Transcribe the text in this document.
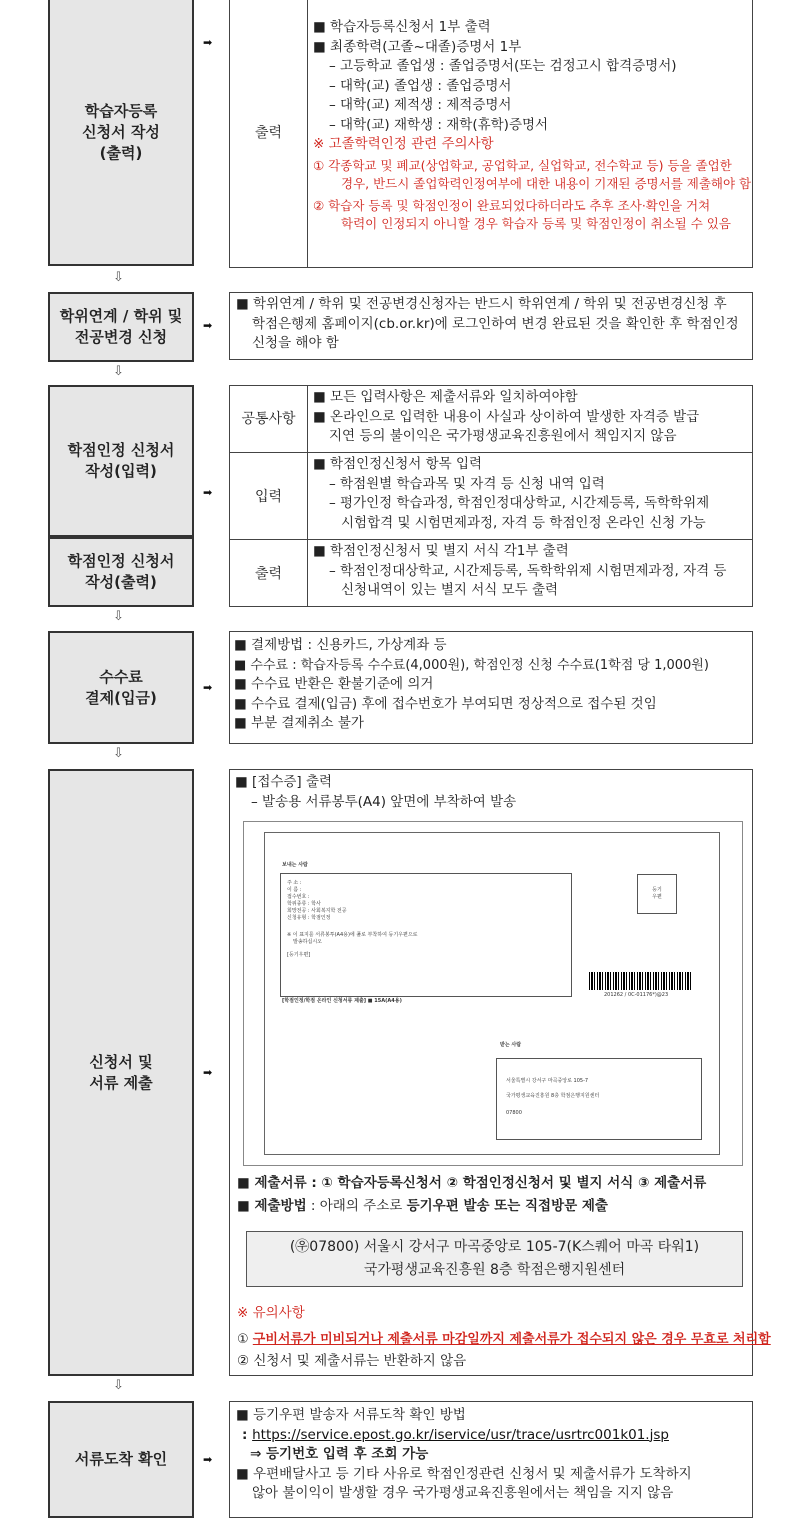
학습자등록
신청서 작성
(출력)
➡
출력
■ 학습자등록신청서 1부 출력
■ 최종학력(고졸~대졸)증명서 1부
– 고등학교 졸업생 : 졸업증명서(또는 검정고시 합격증명서)
– 대학(교) 졸업생 : 졸업증명서
– 대학(교) 제적생 : 제적증명서
– 대학(교) 재학생 : 재학(휴학)증명서
※ 고졸학력인정 관련 주의사항
① 각종학교 및 폐교(상업학교, 공업학교, 실업학교, 전수학교 등) 등을 졸업한
경우, 반드시 졸업학력인정여부에 대한 내용이 기재된 증명서를 제출해야 함
② 학습자 등록 및 학점인정이 완료되었다하더라도 추후 조사·확인을 거쳐
학력이 인정되지 아니할 경우 학습자 등록 및 학점인정이 취소될 수 있음
⇩
학위연계 / 학위 및
전공변경 신청
➡
■ 학위연계 / 학위 및 전공변경신청자는 반드시 학위연계 / 학위 및 전공변경신청 후
학점은행제 홈페이지(cb.or.kr)에 로그인하여 변경 완료된 것을 확인한 후 학점인정
신청을 해야 함
⇩
학점인정 신청서
작성(입력)
학점인정 신청서
작성(출력)
➡
공통사항
입력
출력
■ 모든 입력사항은 제출서류와 일치하여야함
■ 온라인으로 입력한 내용이 사실과 상이하여 발생한 자격증 발급
지연 등의 불이익은 국가평생교육진흥원에서 책임지지 않음
■ 학점인정신청서 항목 입력
– 학점원별 학습과목 및 자격 등 신청 내역 입력
– 평가인정 학습과정, 학점인정대상학교, 시간제등록, 독학학위제
시험합격 및 시험면제과정, 자격 등 학점인정 온라인 신청 가능
■ 학점인정신청서 및 별지 서식 각1부 출력
– 학점인정대상학교, 시간제등록, 독학학위제 시험면제과정, 자격 등
신청내역이 있는 별지 서식 모두 출력
⇩
수수료
결제(입금)
➡
■ 결제방법 : 신용카드, 가상계좌 등
■ 수수료 : 학습자등록 수수료(4,000원), 학점인정 신청 수수료(1학점 당 1,000원)
■ 수수료 반환은 환불기준에 의거
■ 수수료 결제(입금) 후에 접수번호가 부여되면 정상적으로 접수된 것임
■ 부분 결제취소 불가
⇩
신청서 및
서류 제출
➡
■ [접수증] 출력
– 발송용 서류봉투(A4) 앞면에 부착하여 발송
보내는 사람
주 소 :
이 름 :
접수번호 :
학위종류 : 학사
희망전공 : 사회복지학 전공
신청유형 : 학점인정
※ 이 표지를 서류봉투(A4용)에 풀로 부착하여 등기우편으로
발송하십시오
[등기우편]
[학점인정/학점 온라인 신청서류 제출] ■ 15A(A4용)
등기
우편
201262 / 0C-01176*)@23
받는 사람
서울특별시 강서구 마곡중앙로 105-7
국가평생교육진흥원 8층 학점은행지원센터
07800
■ 제출서류 : ① 학습자등록신청서 ② 학점인정신청서 및 별지 서식 ③ 제출서류
■ 제출방법 : 아래의 주소로 등기우편 발송 또는 직접방문 제출
(㉾07800) 서울시 강서구 마곡중앙로 105-7(K스퀘어 마곡 타워1)
국가평생교육진흥원 8층 학점은행지원센터
※ 유의사항
① 구비서류가 미비되거나 제출서류 마감일까지 제출서류가 접수되지 않은 경우 무효로 처리함
② 신청서 및 제출서류는 반환하지 않음
⇩
서류도착 확인	➡
■ 등기우편 발송자 서류도착 확인 방법
: https://service.epost.go.kr/iservice/usr/trace/usrtrc001k01.jsp
⇒ 등기번호 입력 후 조회 가능
■ 우편배달사고 등 기타 사유로 학점인정관련 신청서 및 제출서류가 도착하지
않아 불이익이 발생할 경우 국가평생교육진흥원에서는 책임을 지지 않음
